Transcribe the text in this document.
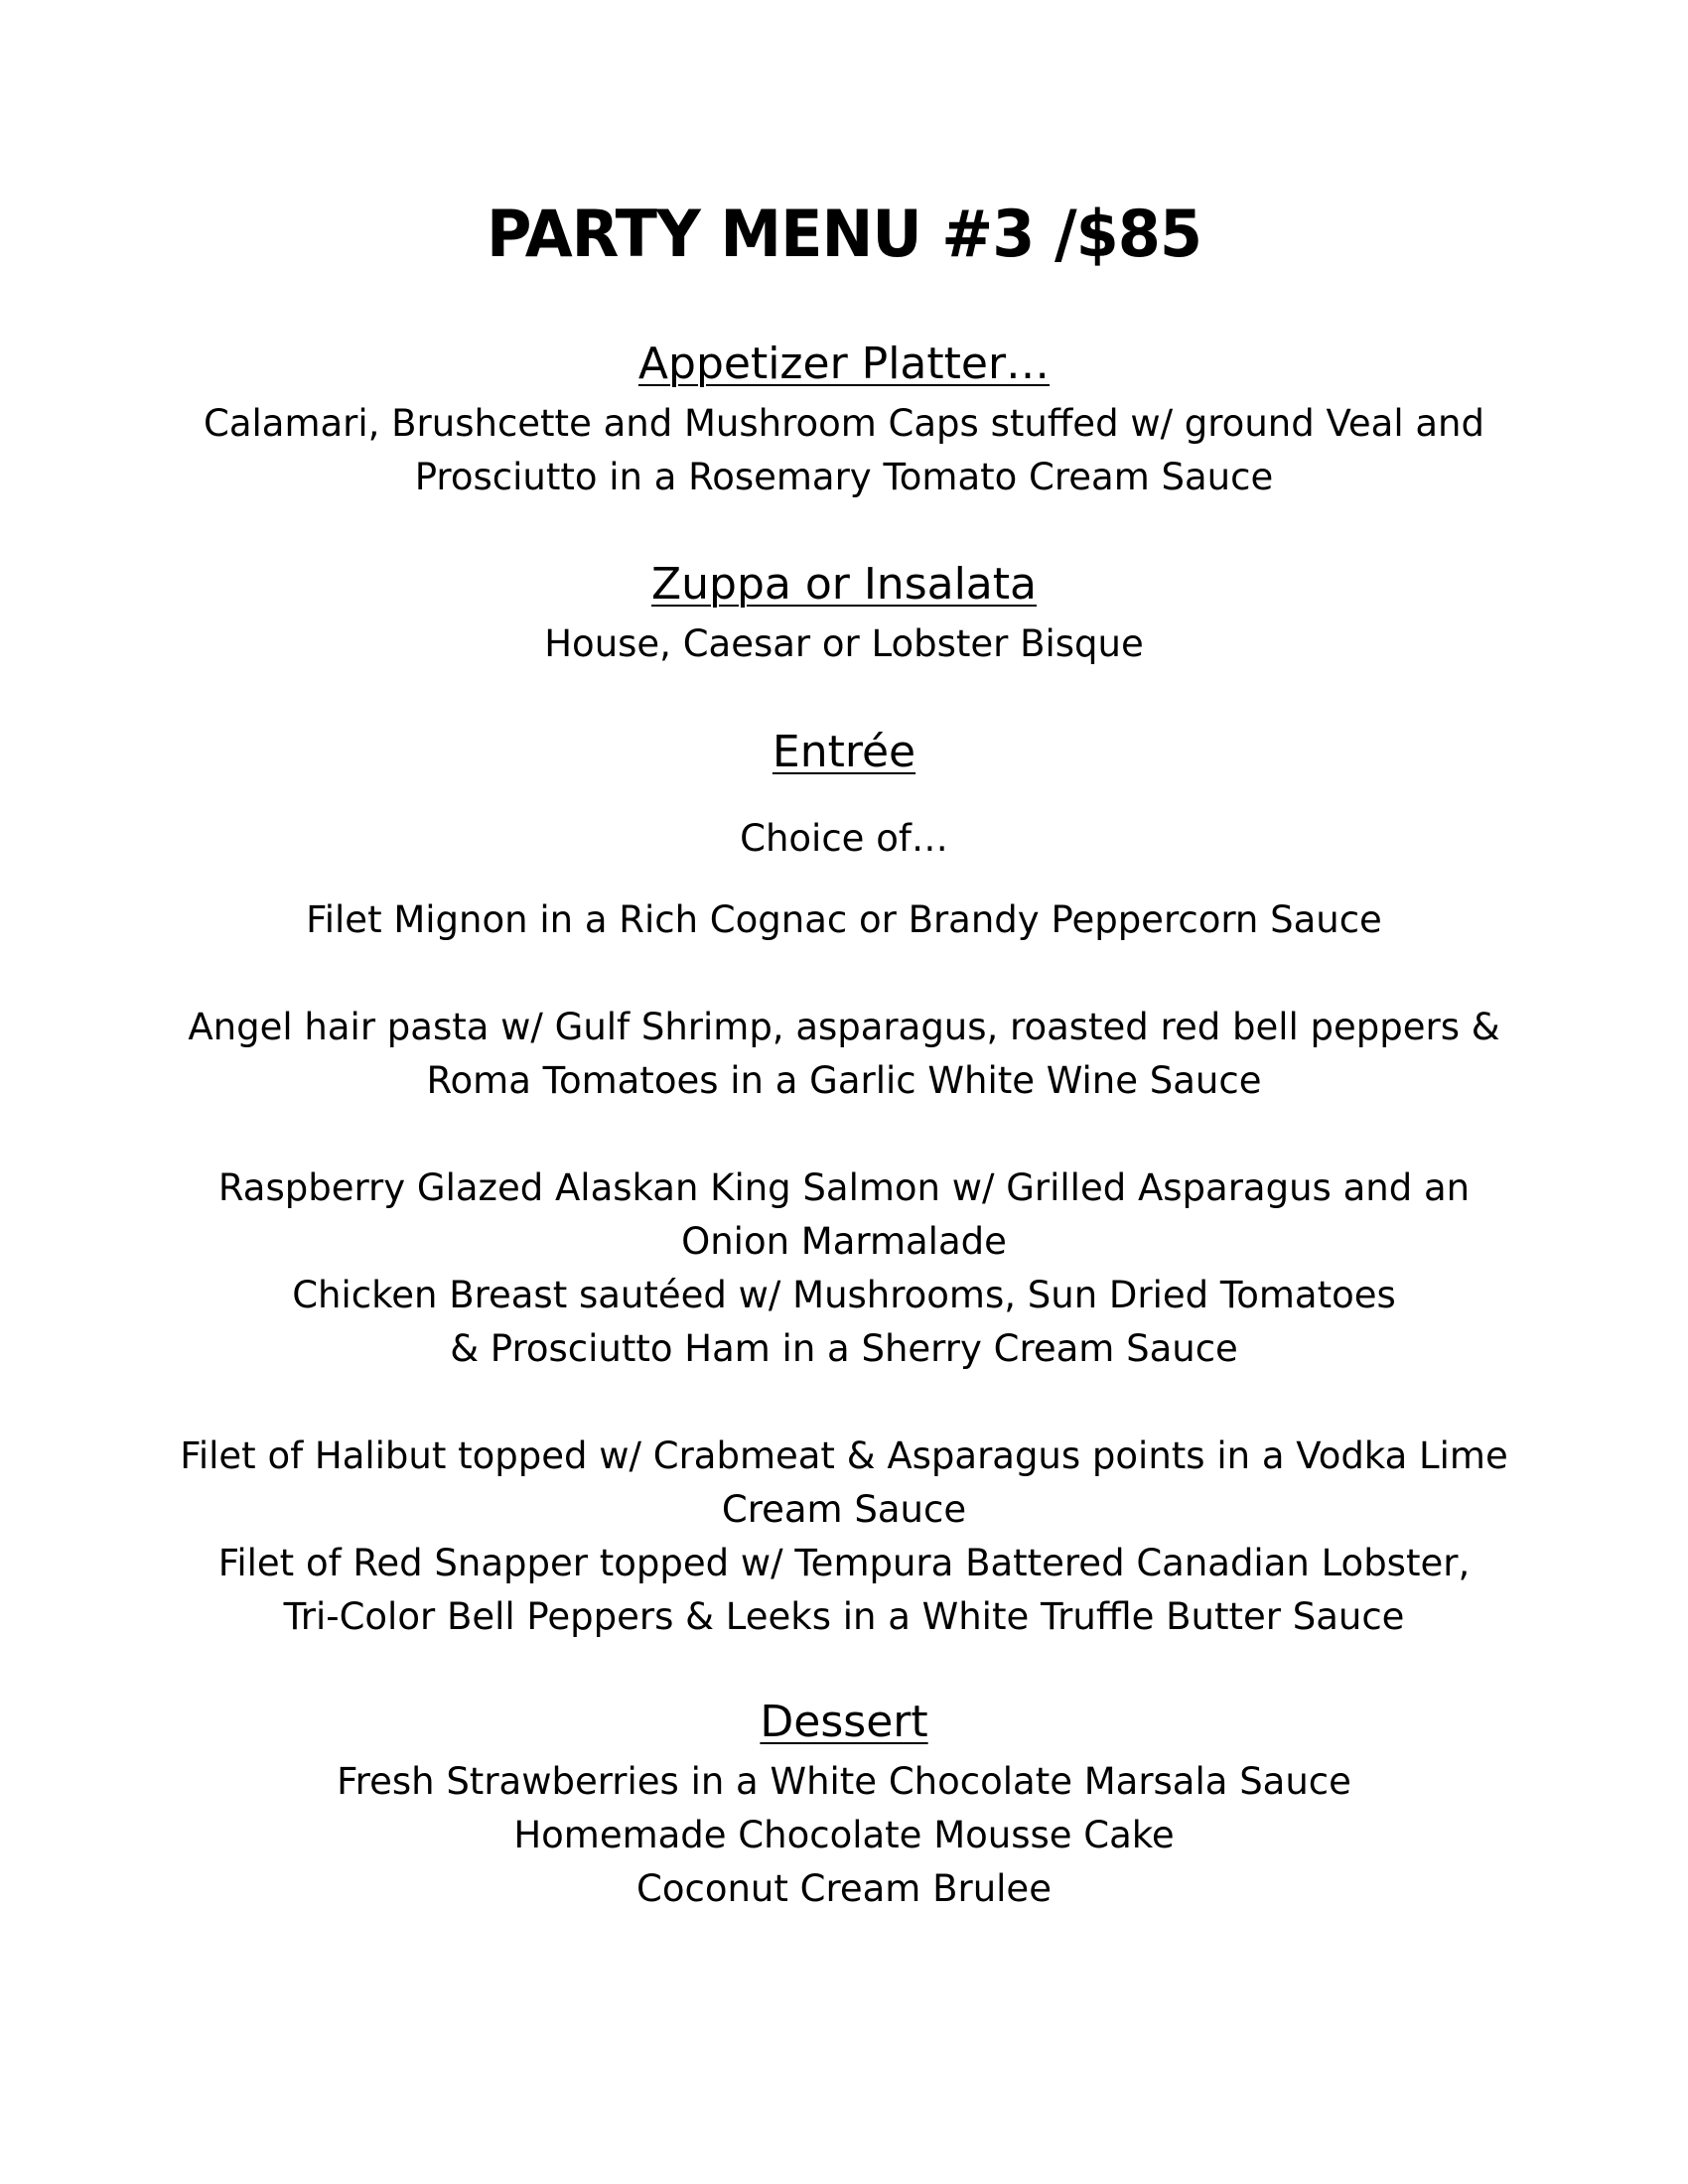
PARTY MENU #3 /$85

Appetizer Platter…

Calamari, Brushcette and Mushroom Caps stuffed w/ ground Veal and

Prosciutto in a Rosemary Tomato Cream Sauce

Zuppa or Insalata

House, Caesar or Lobster Bisque

Entrée

Choice of…

Filet Mignon in a Rich Cognac or Brandy Peppercorn Sauce

Angel hair pasta w/ Gulf Shrimp, asparagus, roasted red bell peppers &

Roma Tomatoes in a Garlic White Wine Sauce

Raspberry Glazed Alaskan King Salmon w/ Grilled Asparagus and an

Onion Marmalade

Chicken Breast sautéed w/ Mushrooms, Sun Dried Tomatoes

& Prosciutto Ham in a Sherry Cream Sauce

Filet of Halibut topped w/ Crabmeat & Asparagus points in a Vodka Lime

Cream Sauce

Filet of Red Snapper topped w/ Tempura Battered Canadian Lobster,

Tri-Color Bell Peppers & Leeks in a White Truffle Butter Sauce

Dessert

Fresh Strawberries in a White Chocolate Marsala Sauce

Homemade Chocolate Mousse Cake

Coconut Cream Brulee
